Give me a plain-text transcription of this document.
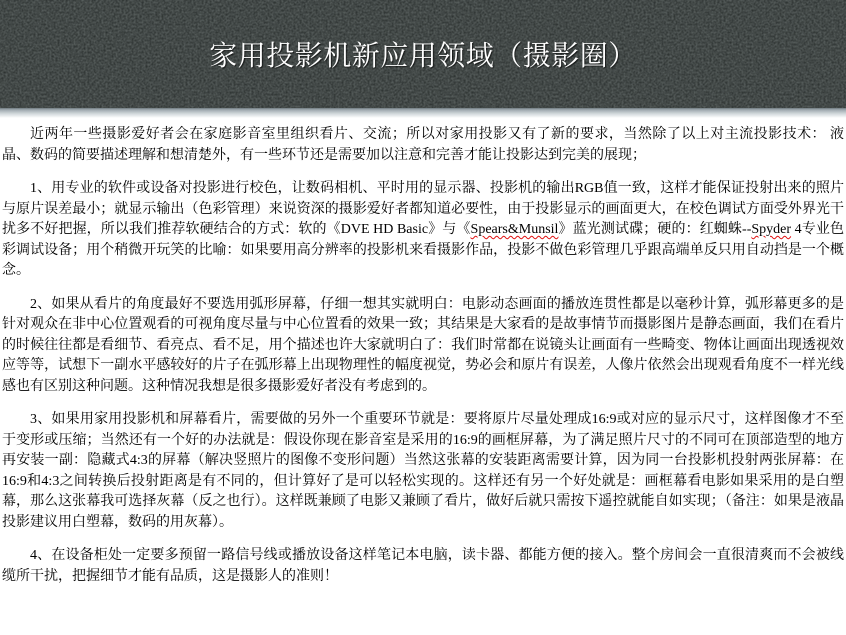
家用投影机新应用领域（摄影圈）

近两年一些摄影爱好者会在家庭影音室里组织看片、交流；所以对家用投影又有了新的要求，当然除了以上对主流投影技术： 液晶、数码的简要描述理解和想清楚外，有一些环节还是需要加以注意和完善才能让投影达到完美的展现；

1、用专业的软件或设备对投影进行校色，让数码相机、平时用的显示器、投影机的输出RGB值一致，这样才能保证投射出来的照片与原片误差最小；就显示输出（色彩管理）来说资深的摄影爱好者都知道必要性，由于投影显示的画面更大，在校色调试方面受外界光干扰多不好把握，所以我们推荐软硬结合的方式：软的《DVE HD Basic》与《Spears&Munsil》蓝光测试碟；硬的：红蜘蛛--Spyder 4专业色彩调试设备；用个稍微开玩笑的比喻：如果要用高分辨率的投影机来看摄影作品，投影不做色彩管理几乎跟高端单反只用自动挡是一个概念。

2、如果从看片的角度最好不要选用弧形屏幕，仔细一想其实就明白：电影动态画面的播放连贯性都是以毫秒计算，弧形幕更多的是针对观众在非中心位置观看的可视角度尽量与中心位置看的效果一致；其结果是大家看的是故事情节而摄影图片是静态画面，我们在看片的时候往往都是看细节、看亮点、看不足，用个描述也许大家就明白了：我们时常都在说镜头让画面有一些畸变、物体让画面出现透视效应等等，试想下一副水平感较好的片子在弧形幕上出现物理性的幅度视觉，势必会和原片有误差，人像片依然会出现观看角度不一样光线感也有区别这种问题。这种情况我想是很多摄影爱好者没有考虑到的。

3、如果用家用投影机和屏幕看片，需要做的另外一个重要环节就是：要将原片尽量处理成16:9或对应的显示尺寸，这样图像才不至于变形或压缩；当然还有一个好的办法就是：假设你现在影音室是采用的16:9的画框屏幕，为了满足照片尺寸的不同可在顶部造型的地方再安装一副：隐藏式4:3的屏幕（解决竖照片的图像不变形问题）当然这张幕的安装距离需要计算，因为同一台投影机投射两张屏幕：在16:9和4:3之间转换后投射距离是有不同的，但计算好了是可以轻松实现的。这样还有另一个好处就是：画框幕看电影如果采用的是白塑幕，那么这张幕我可选择灰幕（反之也行）。这样既兼顾了电影又兼顾了看片，做好后就只需按下遥控就能自如实现；（备注：如果是液晶投影建议用白塑幕，数码的用灰幕）。

4、在设备柜处一定要多预留一路信号线或播放设备这样笔记本电脑，读卡器、都能方便的接入。整个房间会一直很清爽而不会被线缆所干扰，把握细节才能有品质，这是摄影人的准则！
